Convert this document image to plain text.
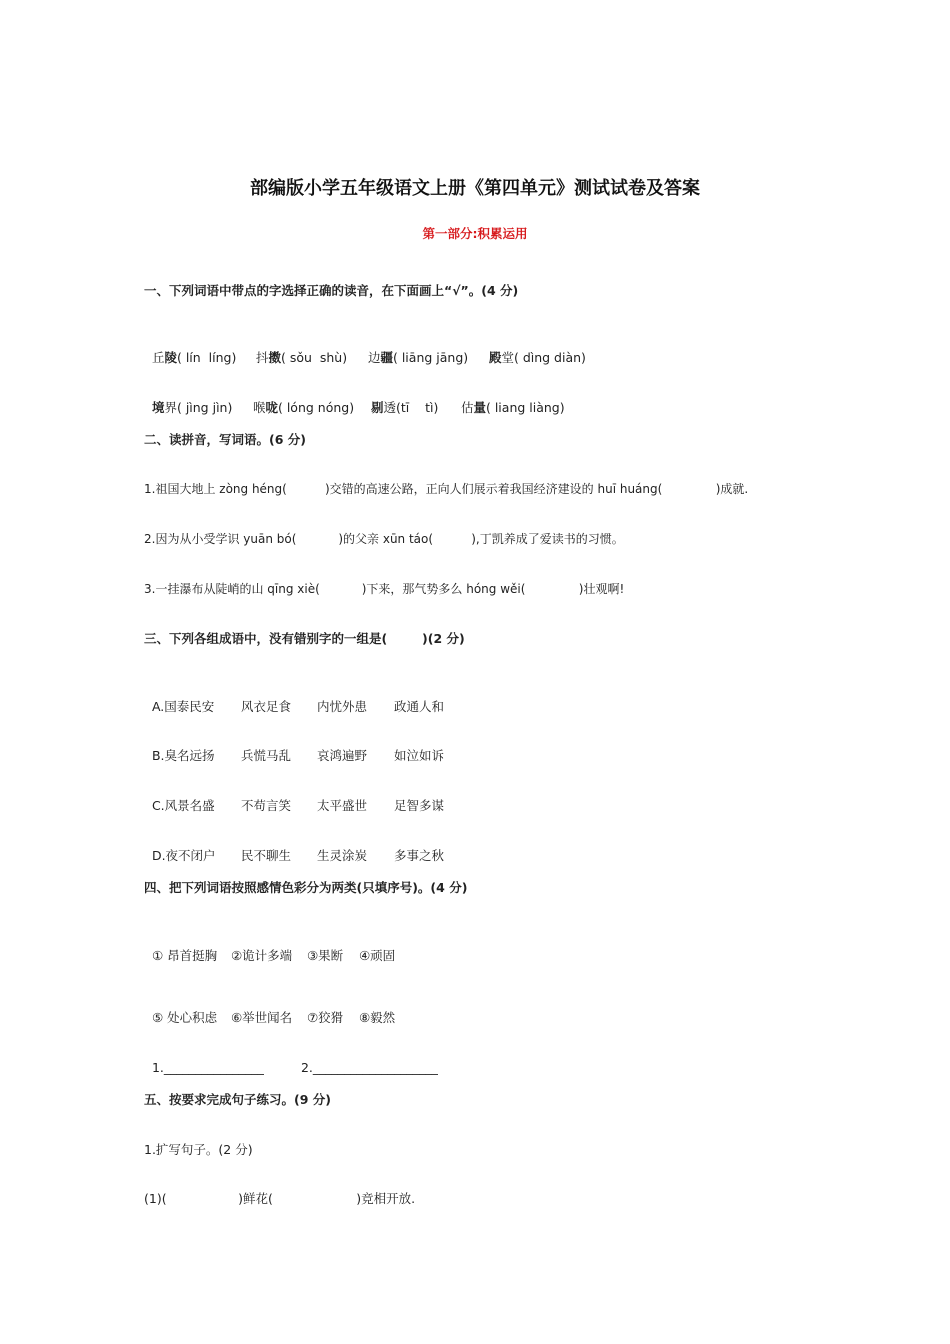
部编版小学五年级语文上册《第四单元》测试试卷及答案
第一部分:积累运用
一、下列词语中带点的字选择正确的读音，在下面画上“√”。(4 分)

丘陵( lín  líng) 抖擞( sǒu  shù) 边疆( liāng jāng) 殿堂( dìng diàn)

境界( jìng jìn) 喉咙( lóng nóng) 剔透(tī    tì) 估量( liang liàng)

二、读拼音，写词语。(6 分)
1.祖国大地上 zòng héng(          )交错的高速公路，正向人们展示着我国经济建设的 huī huáng(              )成就.
2.因为从小受学识 yuān bó(           )的父亲 xūn táo(          ),丁凯养成了爱读书的习惯。
3.一挂瀑布从陡峭的山 qīng xiè(           )下来，那气势多么 hóng wěi(              )壮观啊!
三、下列各组成语中，没有错别字的一组是(        )(2 分)

A.国泰民安 风衣足食 内忧外患 政通人和

B.臭名远扬 兵慌马乱 哀鸿遍野 如泣如诉

C.风景名盛 不苟言笑 太平盛世 足智多谋

D.夜不闭户 民不聊生 生灵涂炭 多事之秋

四、把下列词语按照感情色彩分为两类(只填序号)。(4 分)

① 昂首挺胸 ②诡计多端 ③果断 ④顽固

⑤ 处心积虑 ⑥举世闻名 ⑦狡猾 ⑧毅然

1.________________	2.____________________

五、按要求完成句子练习。(9 分)
1.扩写句子。(2 分)
(1)(                  )鲜花(                     )竞相开放.
